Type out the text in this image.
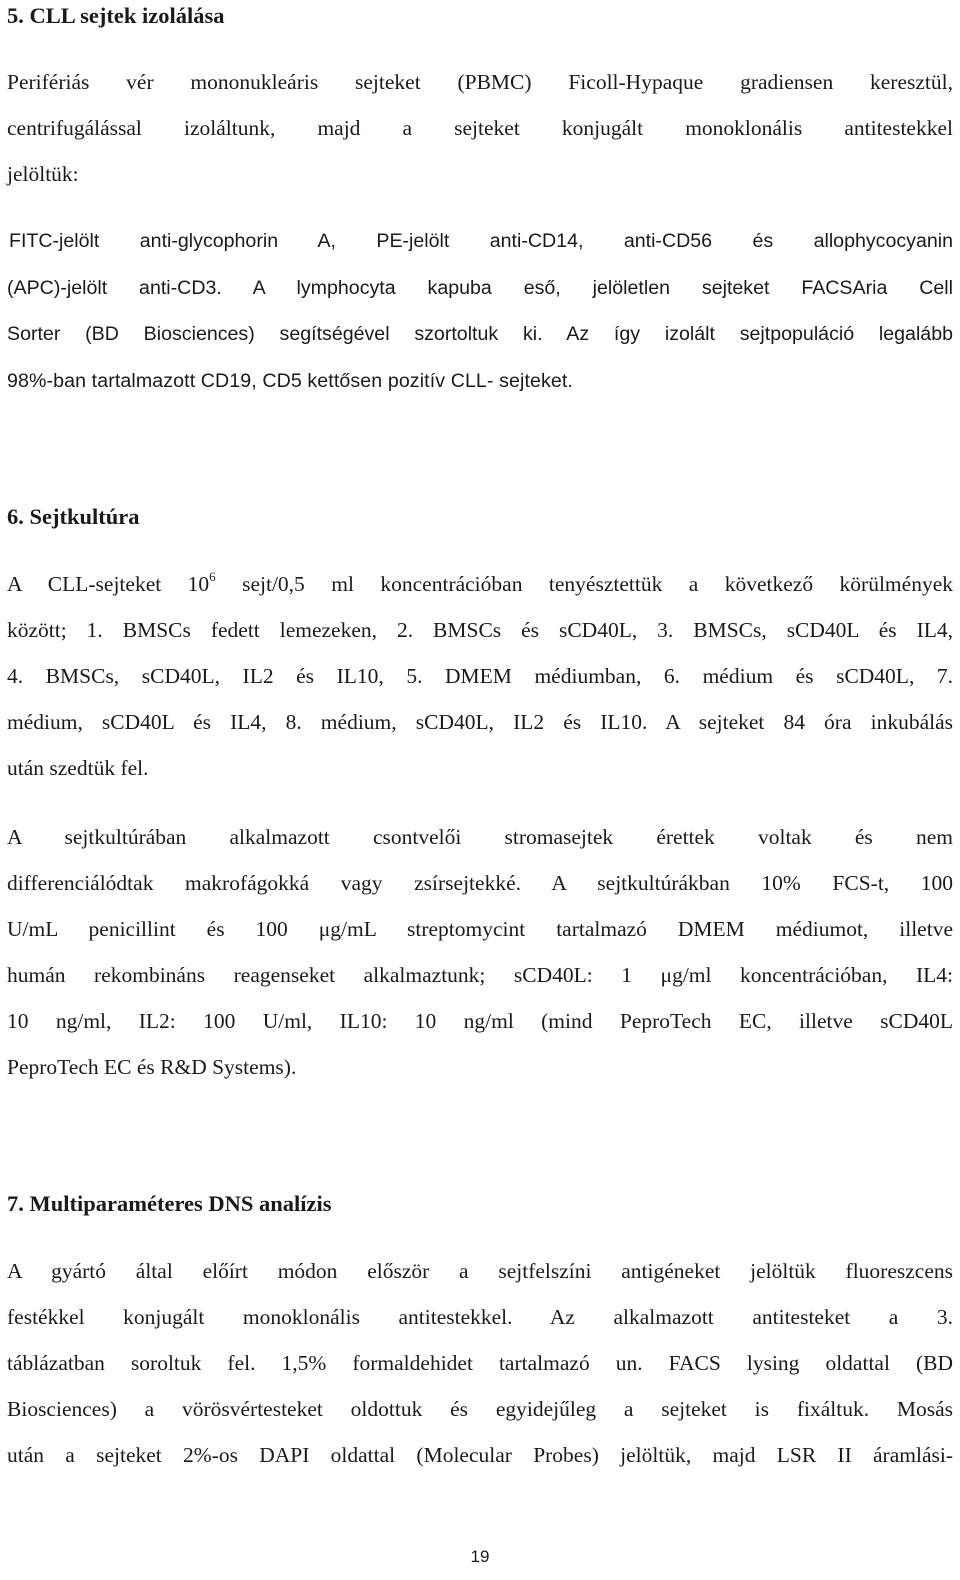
5. CLL sejtek izolálása
Perifériás vér mononukleáris sejteket (PBMC) Ficoll-Hypaque gradiensen keresztül,
centrifugálással izoláltunk, majd a sejteket konjugált monoklonális antitestekkel
jelöltük:
FITC-jelölt anti-glycophorin A, PE-jelölt anti-CD14, anti-CD56 és allophycocyanin
(APC)-jelölt anti-CD3. A lymphocyta kapuba eső, jelöletlen sejteket FACSAria Cell
Sorter (BD Biosciences) segítségével szortoltuk ki. Az így izolált sejtpopuláció legalább
98%-ban tartalmazott CD19, CD5 kettősen pozitív CLL- sejteket.
6. Sejtkultúra
A CLL-sejteket $10^6$ sejt/0,5 ml koncentrációban tenyésztettük a következő körülmények
között; 1. BMSCs fedett lemezeken, 2. BMSCs és sCD40L, 3. BMSCs, sCD40L és IL4,
4. BMSCs, sCD40L, IL2 és IL10, 5. DMEM médiumban, 6. médium és sCD40L, 7.
médium, sCD40L és IL4, 8. médium, sCD40L, IL2 és IL10. A sejteket 84 óra inkubálás
után szedtük fel.
A sejtkultúrában alkalmazott csontvelői stromasejtek érettek voltak és nem
differenciálódtak makrofágokká vagy zsírsejtekké. A sejtkultúrákban 10% FCS-t, 100
U/mL penicillint és 100 μg/mL streptomycint tartalmazó DMEM médiumot, illetve
humán rekombináns reagenseket alkalmaztunk; sCD40L: 1 μg/ml koncentrációban, IL4:
10 ng/ml, IL2: 100 U/ml, IL10: 10 ng/ml (mind PeproTech EC, illetve sCD40L
PeproTech EC és R&D Systems).
7. Multiparaméteres DNS analízis
A gyártó által előírt módon először a sejtfelszíni antigéneket jelöltük fluoreszcens
festékkel konjugált monoklonális antitestekkel. Az alkalmazott antitesteket a 3.
táblázatban soroltuk fel. 1,5% formaldehidet tartalmazó un. FACS lysing oldattal (BD
Biosciences) a vörösvértesteket oldottuk és egyidejűleg a sejteket is fixáltuk. Mosás
után a sejteket 2%-os DAPI oldattal (Molecular Probes) jelöltük, majd LSR II áramlási-
19
